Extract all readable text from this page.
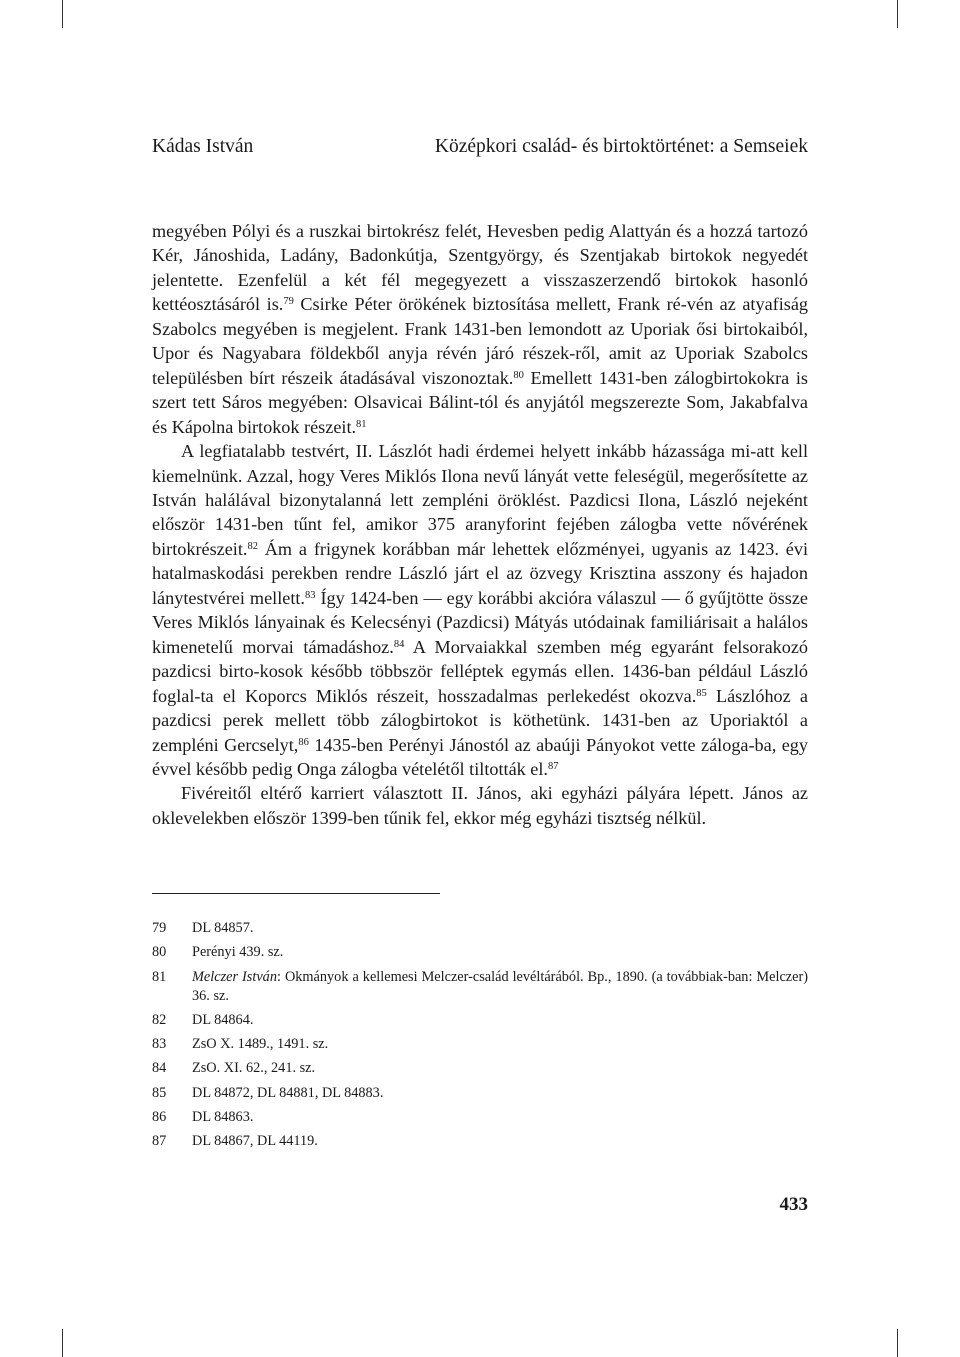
Kádas István	Középkori család- és birtoktörténet: a Semseiek

megyében Pólyi és a ruszkai birtokrész felét, Hevesben pedig Alattyán és a hozzá tartozó Kér, Jánoshida, Ladány, Badonkútja, Szentgyörgy, és Szentjakab birtokok negyedét jelentette. Ezenfelül a két fél megegyezett a visszaszerzendő birtokok hasonló kettéosztásáról is.$^{79}$ Csirke Péter örökének biztosítása mellett, Frank ré-vén az atyafiság Szabolcs megyében is megjelent. Frank 1431-ben lemondott az Uporiak ősi birtokaiból, Upor és Nagyabara földekből anyja révén járó részek-ről, amit az Uporiak Szabolcs településben bírt részeik átadásával viszonoztak.$^{80}$ Emellett 1431-ben zálogbirtokokra is szert tett Sáros megyében: Olsavicai Bálint-tól és anyjától megszerezte Som, Jakabfalva és Kápolna birtokok részeit.$^{81}$

A legfiatalabb testvért, II. Lászlót hadi érdemei helyett inkább házassága mi-att kell kiemelnünk. Azzal, hogy Veres Miklós Ilona nevű lányát vette feleségül, megerősítette az István halálával bizonytalanná lett zempléni öröklést. Pazdicsi Ilona, László nejeként először 1431-ben tűnt fel, amikor 375 aranyforint fejében zálogba vette nővérének birtokrészeit.$^{82}$ Ám a frigynek korábban már lehettek előzményei, ugyanis az 1423. évi hatalmaskodási perekben rendre László járt el az özvegy Krisztina asszony és hajadon lánytestvérei mellett.$^{83}$ Így 1424-ben — egy korábbi akcióra válaszul — ő gyűjtötte össze Veres Miklós lányainak és Kelecsényi (Pazdicsi) Mátyás utódainak familiárisait a halálos kimenetelű morvai támadáshoz.$^{84}$ A Morvaiakkal szemben még egyaránt felsorakozó pazdicsi birto-kosok később többször felléptek egymás ellen. 1436-ban például László foglal-ta el Koporcs Miklós részeit, hosszadalmas perlekedést okozva.$^{85}$ Lászlóhoz a pazdicsi perek mellett több zálogbirtokot is köthetünk. 1431-ben az Uporiaktól a zempléni Gercselyt,$^{86}$ 1435-ben Perényi Jánostól az abaúji Pányokot vette záloga-ba, egy évvel később pedig Onga zálogba vételétől tiltották el.$^{87}$

Fivéreitől eltérő karriert választott II. János, aki egyházi pályára lépett. János az oklevelekben először 1399-ben tűnik fel, ekkor még egyházi tisztség nélkül.

79	DL 84857.
80	Perényi 439. sz.
81	Melczer István: Okmányok a kellemesi Melczer-család levéltárából. Bp., 1890. (a továbbiak-ban: Melczer) 36. sz.
82	DL 84864.
83	ZsO X. 1489., 1491. sz.
84	ZsO. XI. 62., 241. sz.
85	DL 84872, DL 84881, DL 84883.
86	DL 84863.
87	DL 84867, DL 44119.
433
